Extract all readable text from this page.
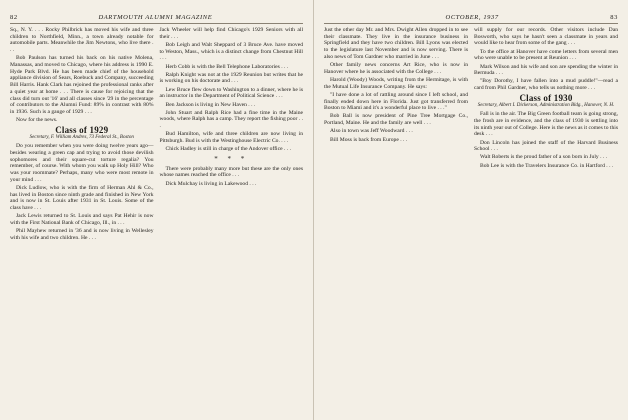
82	DARTMOUTH ALUMNI MAGAZINE

Sq., N. Y. . . . Rocky Philbrick has moved his wife and three children to Northfield, Minn., a town already notable for automobile parts. Meanwhile the Jim Newtons, who live there . . .

Bob Paulson has turned his back on his native Molena, Manassas, and moved to Chicago, where his address is 1990 E. Hyde Park Blvd. He has been made chief of the household appliance division of Sears, Roebuck and Company, succeeding Bill Harris. Hank Clark has rejoined the professional ranks after a quiet year at home . . . There is cause for rejoicing that the class did turn out '16' and all classes since '29 in the percentage of contributors to the Alumni Fund: 89% in contrast with 80% in 1936. Such is a gauge of 1929 . . .

Now for the news.

Class of 1929
Secretary, F. William Andres, 73 Federal St., Boston

Do you remember when you were doing twelve years ago—besides wearing a green cap and trying to avoid those devilish sophomores and their square-cut torture regalia? You remember, of course. With whom you walk up Holy Hill? Who was your roommate? Perhaps, many who were most remote in your mind . . .

Dick Ludlow, who is with the firm of Herman Ahl & Co., has lived in Boston since ninth grade and finished in New York and is now in St. Louis after 1931 in St. Louis. Some of the class have . . .

Jack Lewis returned to St. Louis and says Pat Hehir is now with the First National Bank of Chicago, Ill., in . . .

Phil Mayhew returned in '36 and is now living in Wellesley with his wife and two children. He . . .

Jack Wheeler will help find Chicago's 1929 Seniors with all their . . .

Bob Leigh and Walt Sheppard of 3 Bruce Ave. have moved to Weston, Mass., which is a distinct change from Chestnut Hill . . .

Herb Cobb is with the Bell Telephone Laboratories . . .

Ralph Knight was not at the 1929 Reunion but writes that he is working on his doctorate and . . .

Lew Bruce flew down to Washington to a dinner, where he is an instructor in the Department of Political Science . . .

Ben Jackson is living in New Haven . . .

John Stuart and Ralph Rice had a fine time in the Maine woods, where Ralph has a camp. They report the fishing poor . . .

Bud Hamilton, wife and three children are now living in Pittsburgh. Bud is with the Westinghouse Electric Co. . . .

Chick Hadley is still in charge of the Andover office . . .

* * *

There were probably many more but these are the only ones whose names reached the office . . .

Dick Mulchay is living in Lakewood . . .

OCTOBER, 1937	83

Just the other day Mr. and Mrs. Dwight Allen dropped in to see their classmate. They live in the insurance business in Springfield and they have two children. Bill Lyons was elected to the legislature last November and is now serving. There is also news of Tom Gardner who married in June . . .

Other family news concerns Art Rice, who is now in Hanover where he is associated with the College . . .

Harold (Woody) Woods, writing from the Hermitage, is with the Mutual Life Insurance Company. He says:

"I have done a lot of rattling around since I left school, and finally ended down here in Florida. Just got transferred from Boston to Miami and it's a wonderful place to live . . ."

Bob Ball is now president of Pine Tree Mortgage Co., Portland, Maine. He and the family are well . . .

Also in town was Jeff Woodward . . .

Bill Moss is back from Europe . . .

will supply for our records. Other visitors include Dan Bosworth, who says he hasn't seen a classmate in years and would like to hear from some of the gang . . .

To the office at Hanover have come letters from several men who were unable to be present at Reunion . . .

Mark Wilson and his wife and son are spending the winter in Bermuda . . .

"Boy Dorothy, I have fallen into a mud puddle!"—read a card from Phil Gardner, who tells us nothing more . . .

Class of 1930
Secretary, Albert I. Dickerson, Administration Bldg., Hanover, N. H.

Fall is in the air. The Big Green football team is going strong, the frosh are in evidence, and the class of 1930 is settling into its ninth year out of College. Here is the news as it comes to this desk . . .

Don Lincoln has joined the staff of the Harvard Business School . . .

Walt Roberts is the proud father of a son born in July . . .

Bob Lee is with the Travelers Insurance Co. in Hartford . . .
